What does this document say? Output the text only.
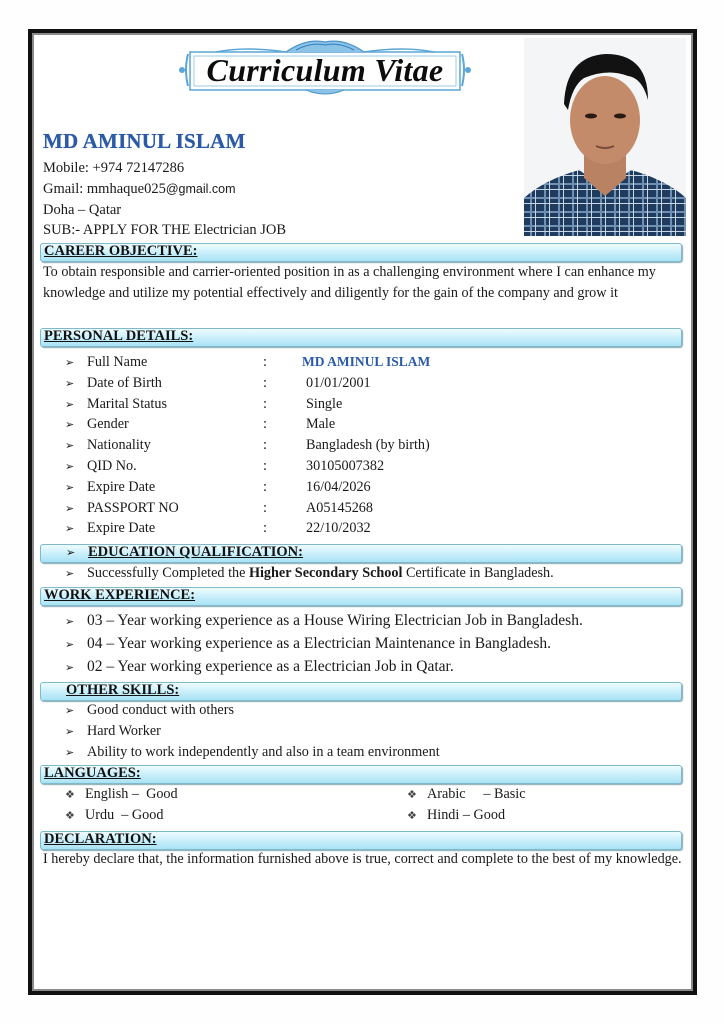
Curriculum Vitae
MD AMINUL ISLAM
Mobile: +974 72147286
Gmail: mmhaque025@gmail.com
Doha – Qatar
SUB:- APPLY FOR THE Electrician JOB
CAREER OBJECTIVE:
To obtain responsible and carrier-oriented position in as a challenging environment where I can enhance my knowledge and utilize my potential effectively and diligently for the gain of the company and grow it
PERSONAL DETAILS:
➢ Full Name	:	MD AMINUL ISLAM
➢ Date of Birth	:	01/01/2001
➢ Marital Status	:	Single
➢ Gender	:	Male
➢ Nationality	:	Bangladesh (by birth)
➢ QID No.	:	30105007382
➢ Expire Date	:	16/04/2026
➢ PASSPORT NO	:	A05145268
➢ Expire Date	:	22/10/2032
➢ EDUCATION QUALIFICATION:
➢ Successfully Completed the Higher Secondary School Certificate in Bangladesh.
WORK EXPERIENCE:
➢ 03 – Year working experience as a House Wiring Electrician Job in Bangladesh.
➢ 04 – Year working experience as a Electrician Maintenance in Bangladesh.
➢ 02 – Year working experience as a Electrician Job in Qatar.
OTHER SKILLS:
➢ Good conduct with others
➢ Hard Worker
➢ Ability to work independently and also in a team environment
LANGUAGES:
❖ English –  Good	❖ Arabic     – Basic
❖ Urdu  – Good	❖ Hindi – Good
DECLARATION:
I hereby declare that, the information furnished above is true, correct and complete to the best of my knowledge.
